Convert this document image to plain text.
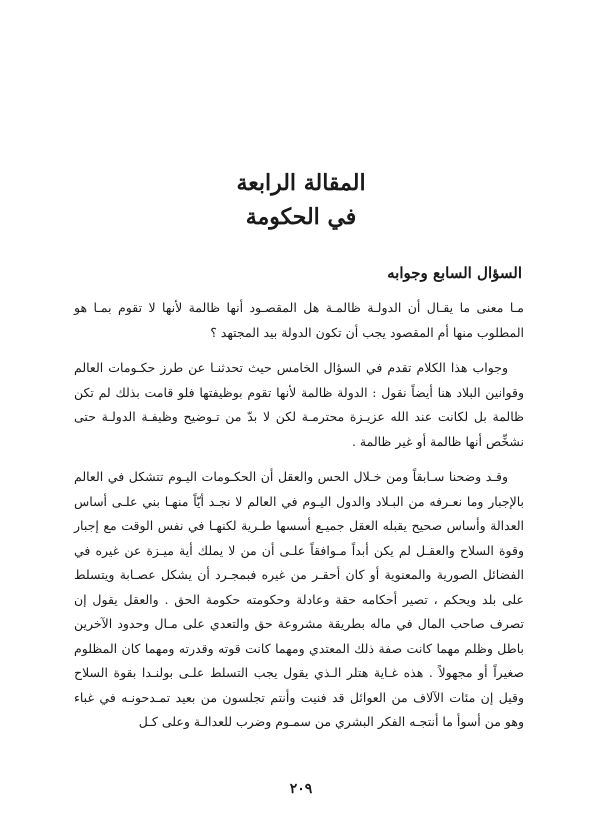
المقالة الرابعة
في الحكومة
السؤال السابع وجوابه

مـا معنى ما يقـال أن الدولـة ظالمـة هل المقصـود أنها ظالمة لأنها لا تقوم بمـا هو المطلوب منها أم المقصود يجب أن تكون الدولة بيد المجتهد ؟

وجواب هذا الكلام تقدم في السؤال الخامس حيث تحدثنـا عن طرز حكـومات العالم وقوانين البلاد هنا أيضاً نقول : الدولة ظالمة لأنها تقوم بوظيفتها فلو قامت بذلك لم تكن ظالمة بل لكانت عند الله عزيـزة محترمـة لكن لا بدّ من تـوضيح وظيفـة الدولـة حتى نشخِّص أنها ظالمة أو غير ظالمة .

وقـد وضحنا سـابقاً ومن خـلال الحس والعقل أن الحكـومات اليـوم تتشكل في العالم بالإجبار وما نعـرفه من البـلاد والدول اليـوم في العالم لا نجـد أيّاً منهـا بني علـى أساس العدالة وأساس صحيح يقبله العقل جميـع أسسها طـرية لكنهـا في نفس الوقت مع إجبار وقوة السلاح والعقـل لم يكن أبداً مـوافقاً علـى أن من لا يملك أية ميـزة عن غيره في الفضائل الصورية والمعنوية أو كان أحقـر من غيره فبمجـرد أن يشكل عصـابة ويتسلط على بلد ويحكم ، تصير أحكامه حقة وعادلة وحكومته حكومة الحق . والعقل يقول إن تصرف صاحب المال في ماله بطريقة مشروعة حق والتعدي على مـال وحدود الآخرين باطل وظلم مهما كانت صفة ذلك المعتدي ومهما كانت قوته وقدرته ومهما كان المظلوم صغيراً أو مجهولاً . هذه غـاية هتلر الـذي يقول يجب التسلط علـى بولنـدا بقوة السلاح وقيل إن مئات الآلاف من العوائل قد فنيت وأنتم تجلسون من بعيد تمـدحونـه في غباء وهو من أسوأ ما أنتجـه الفكر البشري من سمـوم وضرب للعدالـة وعلى كـل

٢٠٩
